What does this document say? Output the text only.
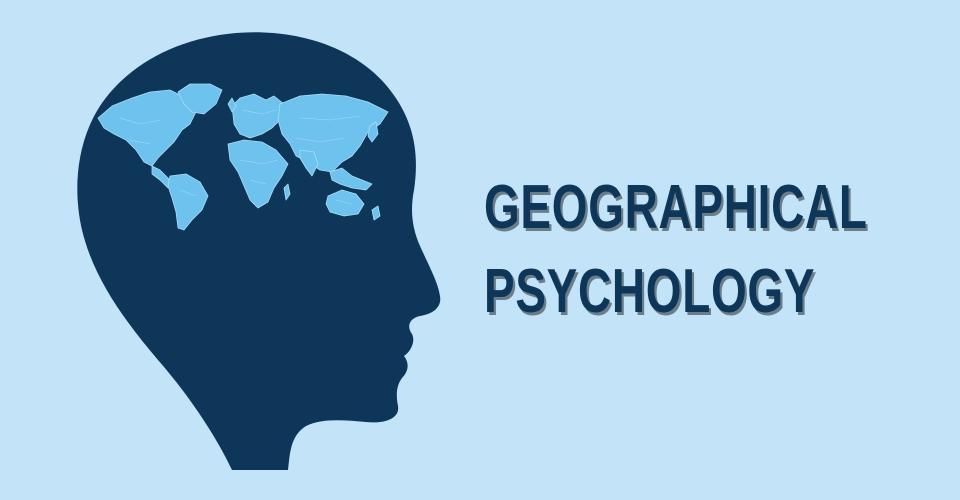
GEOGRAPHICAL
PSYCHOLOGY
